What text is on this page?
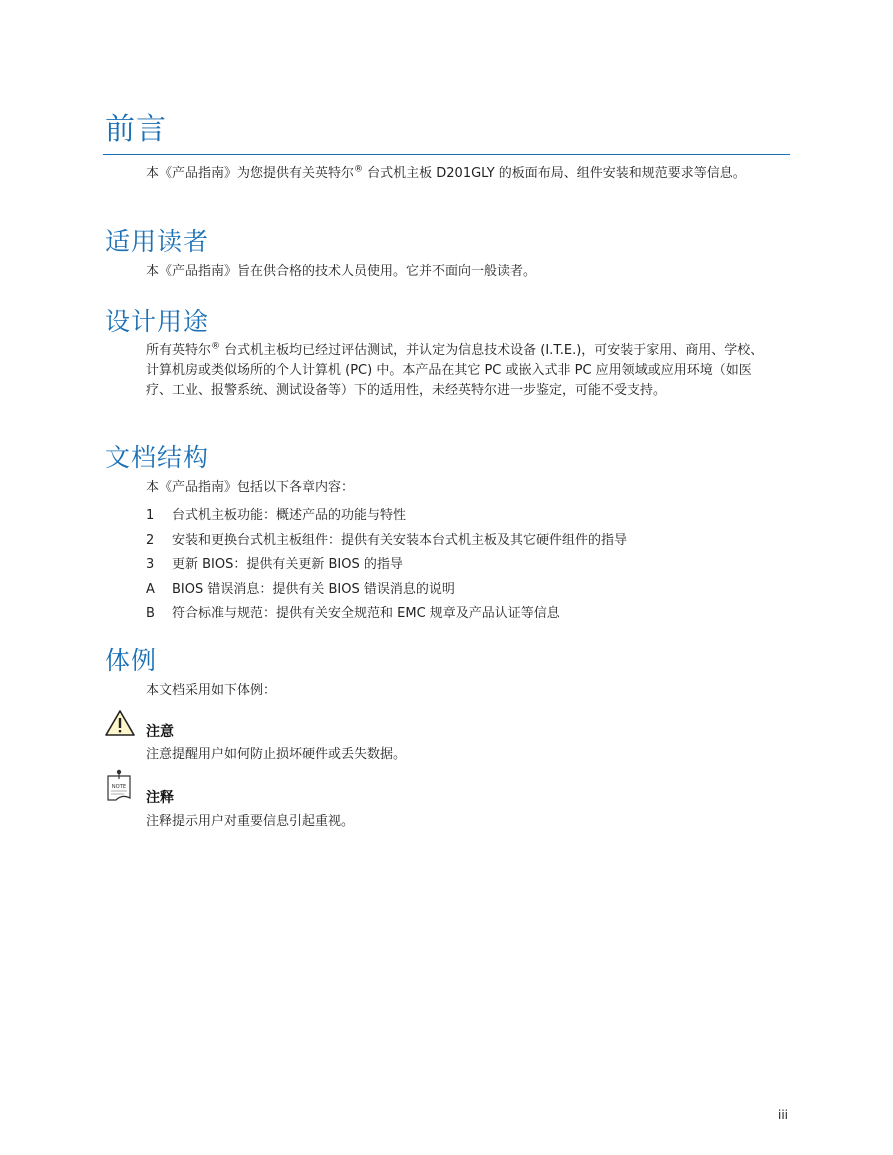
前言

本《产品指南》为您提供有关英特尔® 台式机主板 D201GLY 的板面布局、组件安装和规范要求等信息。

适用读者

本《产品指南》旨在供合格的技术人员使用。它并不面向一般读者。

设计用途

所有英特尔® 台式机主板均已经过评估测试，并认定为信息技术设备 (I.T.E.)，可安装于家用、商用、学校、计算机房或类似场所的个人计算机 (PC) 中。本产品在其它 PC 或嵌入式非 PC 应用领域或应用环境（如医疗、工业、报警系统、测试设备等）下的适用性，未经英特尔进一步鉴定，可能不受支持。

文档结构

本《产品指南》包括以下各章内容：

1 台式机主板功能：概述产品的功能与特性
2 安装和更换台式机主板组件：提供有关安装本台式机主板及其它硬件组件的指导
3 更新 BIOS：提供有关更新 BIOS 的指导
A BIOS 错误消息：提供有关 BIOS 错误消息的说明
B 符合标准与规范：提供有关安全规范和 EMC 规章及产品认证等信息
体例

本文档采用如下体例：

注意

注意提醒用户如何防止损坏硬件或丢失数据。

NOTE
注释

注释提示用户对重要信息引起重视。

iii
